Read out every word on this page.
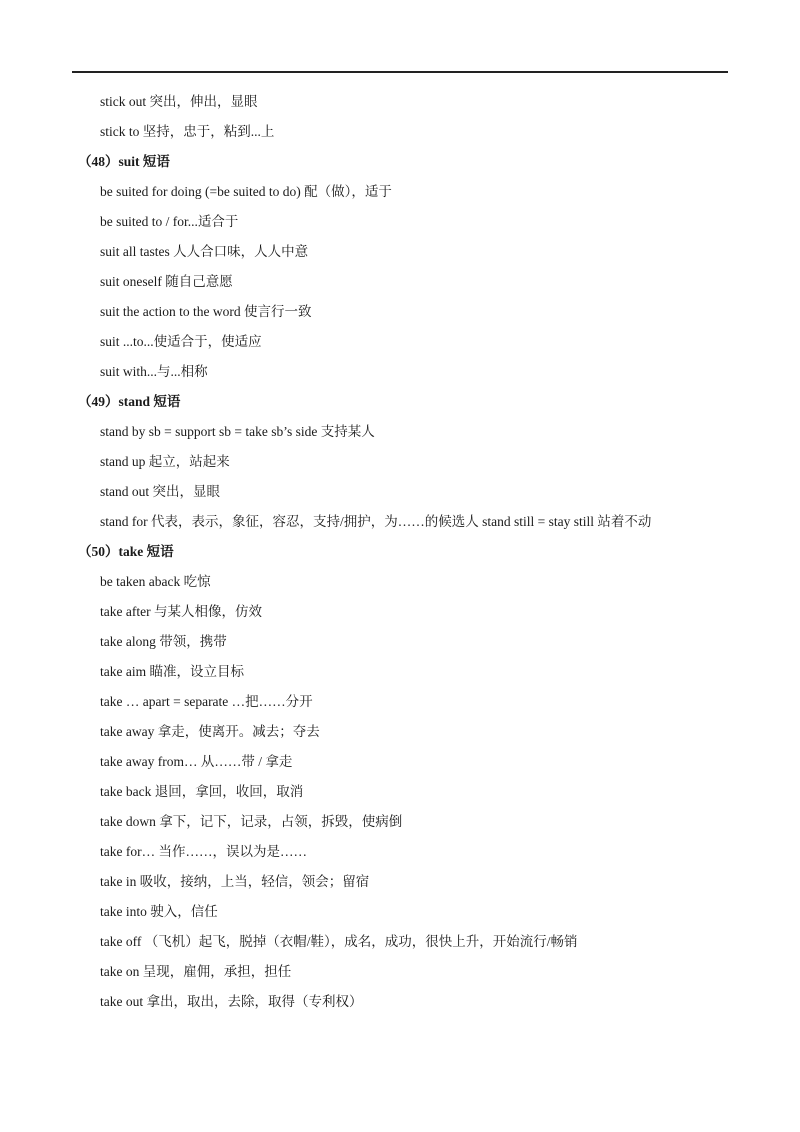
stick out 突出，伸出，显眼
stick to 坚持，忠于，粘到...上
（48）suit 短语
be suited for doing (=be suited to do) 配（做），适于
be suited to / for...适合于
suit all tastes 人人合口味，人人中意
suit oneself 随自己意愿
suit the action to the word 使言行一致
suit ...to...使适合于，使适应
suit with...与...相称
（49）stand 短语
stand by sb = support sb = take sb’s side 支持某人
stand up 起立，站起来
stand out 突出，显眼
stand for 代表，表示，象征，容忍，支持/拥护，为……的候选人 stand still = stay still 站着不动
（50）take 短语
be taken aback 吃惊
take after 与某人相像，仿效
take along 带领，携带
take aim 瞄准，设立目标
take … apart = separate …把……分开
take away 拿走，使离开。减去；夺去
take away from… 从……带 / 拿走
take back 退回，拿回，收回，取消
take down 拿下，记下，记录，占领，拆毁，使病倒
take for… 当作……，误以为是……
take in 吸收，接纳，上当，轻信，领会；留宿
take into 驶入，信任
take off （飞机）起飞，脱掉（衣帽/鞋），成名，成功，很快上升，开始流行/畅销
take on 呈现，雇佣，承担，担任
take out 拿出，取出，去除，取得（专利权）
